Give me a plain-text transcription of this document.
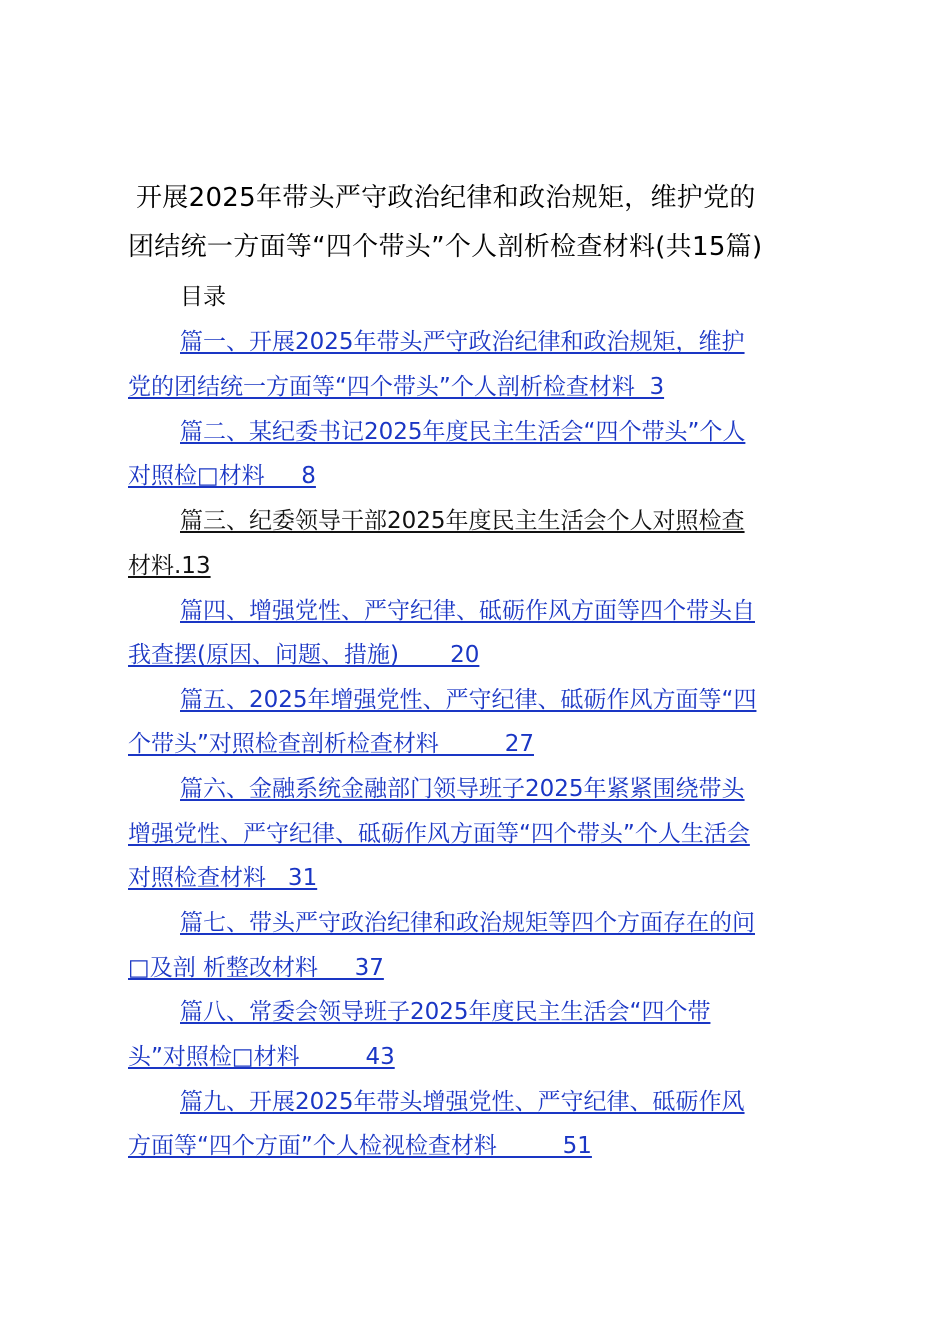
开展2025年带头严守政治纪律和政治规矩，维护党的
团结统一方面等“四个带头”个人剖析检查材料(共15篇)
目录
篇一、开展2025年带头严守政治纪律和政治规矩，维护
党的团结统一方面等“四个带头”个人剖析检查材料  3
篇二、某纪委书记2025年度民主生活会“四个带头”个人
对照检□材料     8
篇三、纪委领导干部2025年度民主生活会个人对照检查
材料.13
篇四、增强党性、严守纪律、砥砺作风方面等四个带头自
我查摆(原因、问题、措施)       20
篇五、2025年增强党性、严守纪律、砥砺作风方面等“四
个带头”对照检查剖析检查材料         27
篇六、金融系统金融部门领导班子2025年紧紧围绕带头
增强党性、严守纪律、砥砺作风方面等“四个带头”个人生活会
对照检查材料   31
篇七、带头严守政治纪律和政治规矩等四个方面存在的问
□及剖 析整改材料     37
篇八、常委会领导班子2025年度民主生活会“四个带
头”对照检□材料         43
篇九、开展2025年带头增强党性、严守纪律、砥砺作风
方面等“四个方面”个人检视检查材料         51
